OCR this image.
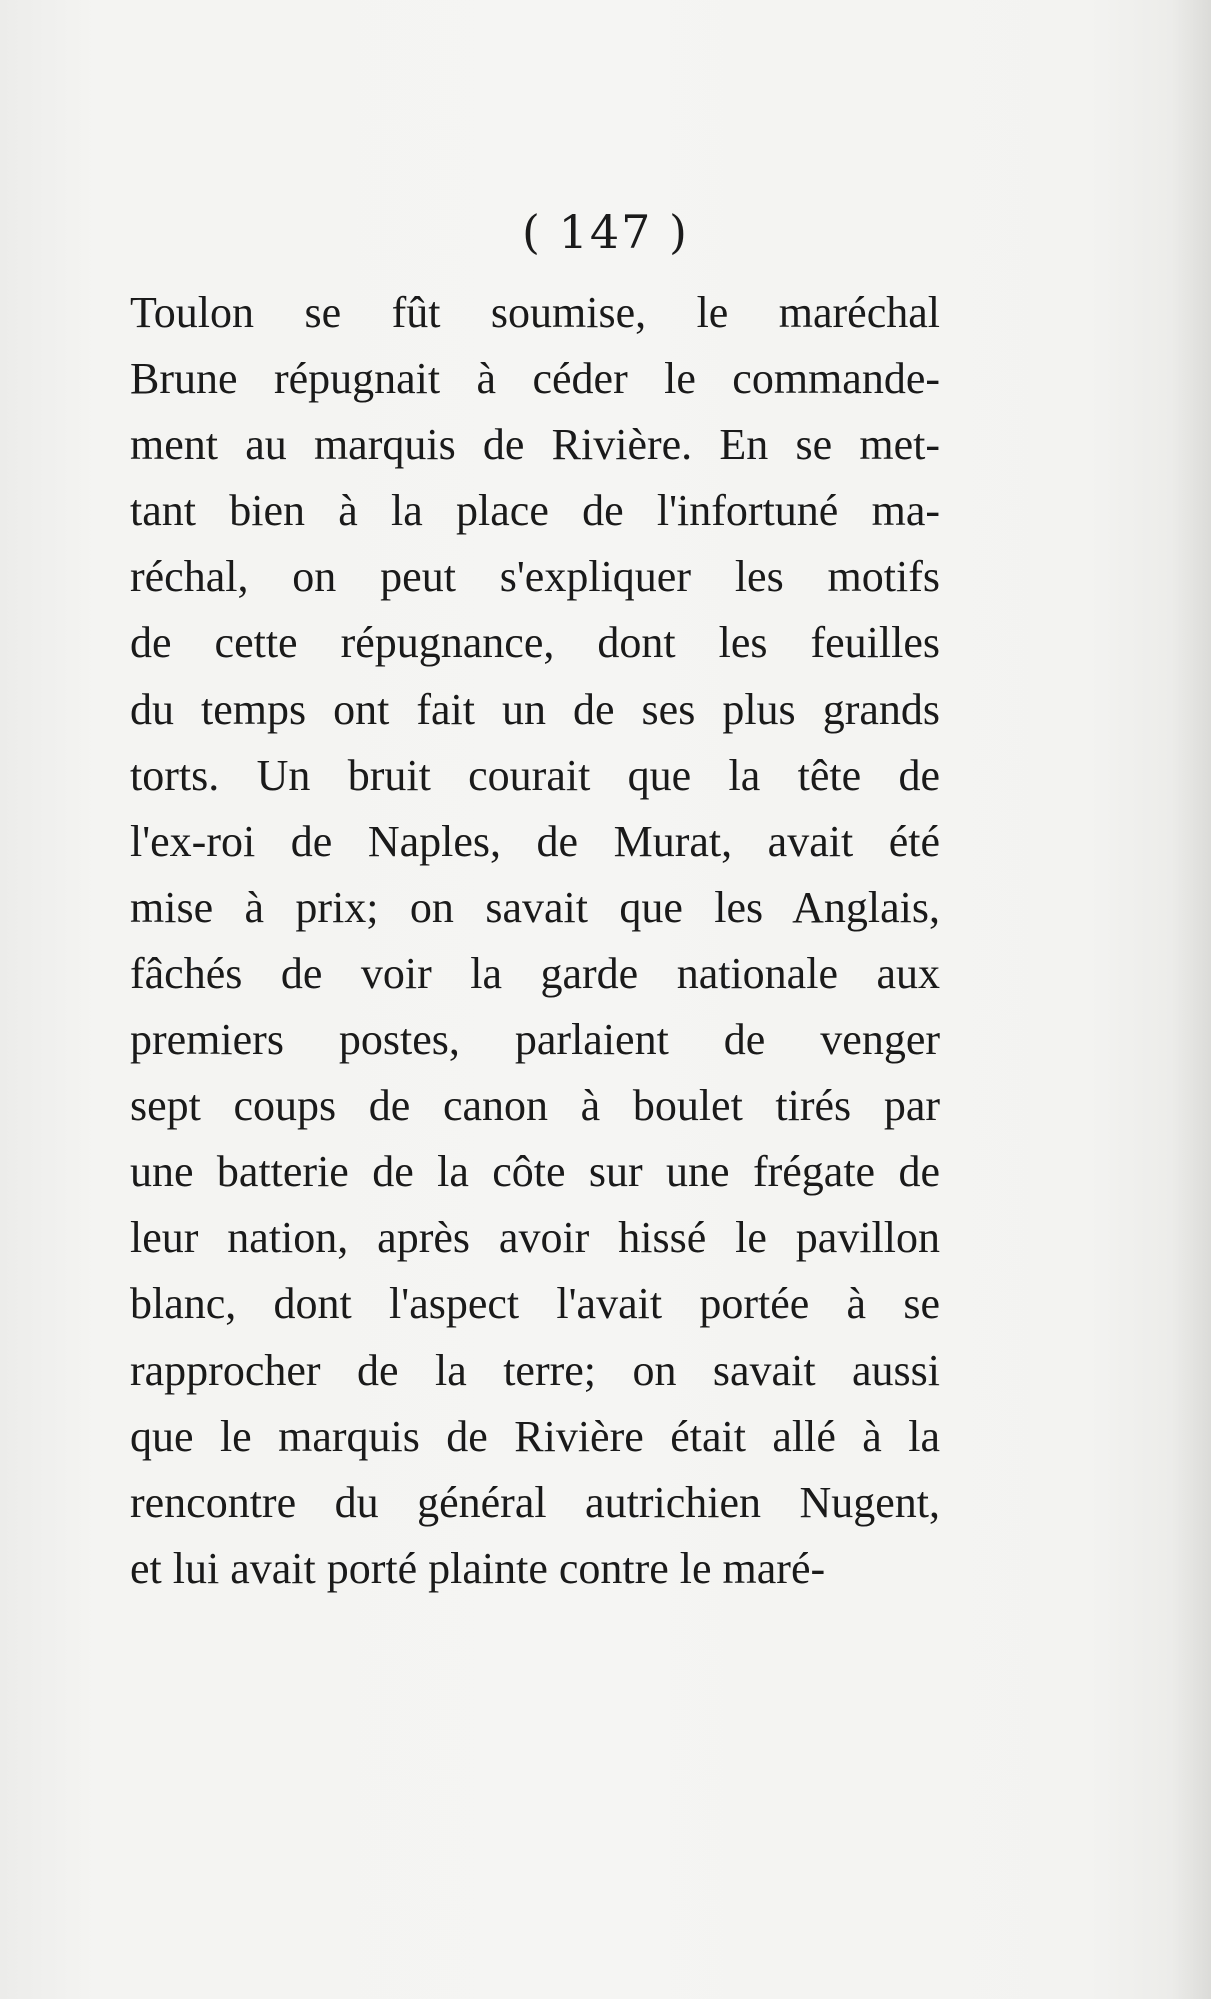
( 147 )
Toulon se fût soumise, le maréchal
Brune répugnait à céder le commande-
ment au marquis de Rivière. En se met-
tant bien à la place de l'infortuné ma-
réchal, on peut s'expliquer les motifs
de cette répugnance, dont les feuilles
du temps ont fait un de ses plus grands
torts. Un bruit courait que la tête de
l'ex-roi de Naples, de Murat, avait été
mise à prix; on savait que les Anglais,
fâchés de voir la garde nationale aux
premiers postes, parlaient de venger
sept coups de canon à boulet tirés par
une batterie de la côte sur une frégate de
leur nation, après avoir hissé le pavillon
blanc, dont l'aspect l'avait portée à se
rapprocher de la terre; on savait aussi
que le marquis de Rivière était allé à la
rencontre du général autrichien Nugent,
et lui avait porté plainte contre le maré-
